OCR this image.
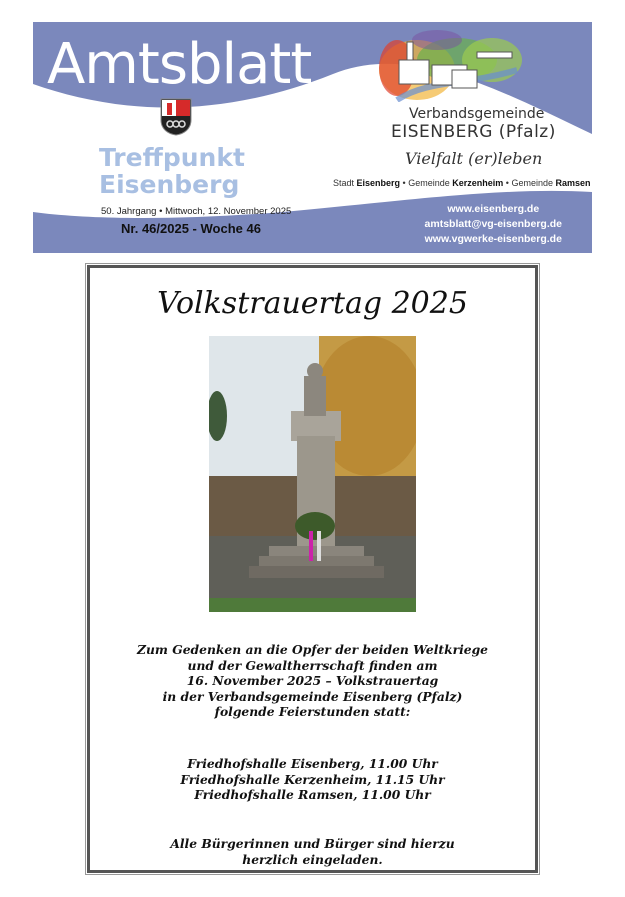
Amtsblatt
Treffpunkt
Eisenberg
50. Jahrgang • Mittwoch, 12. November 2025
Nr. 46/2025 - Woche 46
Verbandsgemeinde
EISENBERG (Pfalz)
Vielfalt (er)leben
Stadt Eisenberg • Gemeinde Kerzenheim • Gemeinde Ramsen
www.eisenberg.de
amtsblatt@vg-eisenberg.de
www.vgwerke-eisenberg.de
Volkstrauertag 2025
Zum Gedenken an die Opfer der beiden Weltkriege
und der Gewaltherrschaft finden am
16. November 2025 – Volkstrauertag
in der Verbandsgemeinde Eisenberg (Pfalz)
folgende Feierstunden statt:
Friedhofshalle Eisenberg, 11.00 Uhr
Friedhofshalle Kerzenheim, 11.15 Uhr
Friedhofshalle Ramsen, 11.00 Uhr
Alle Bürgerinnen und Bürger sind hierzu
herzlich eingeladen.
